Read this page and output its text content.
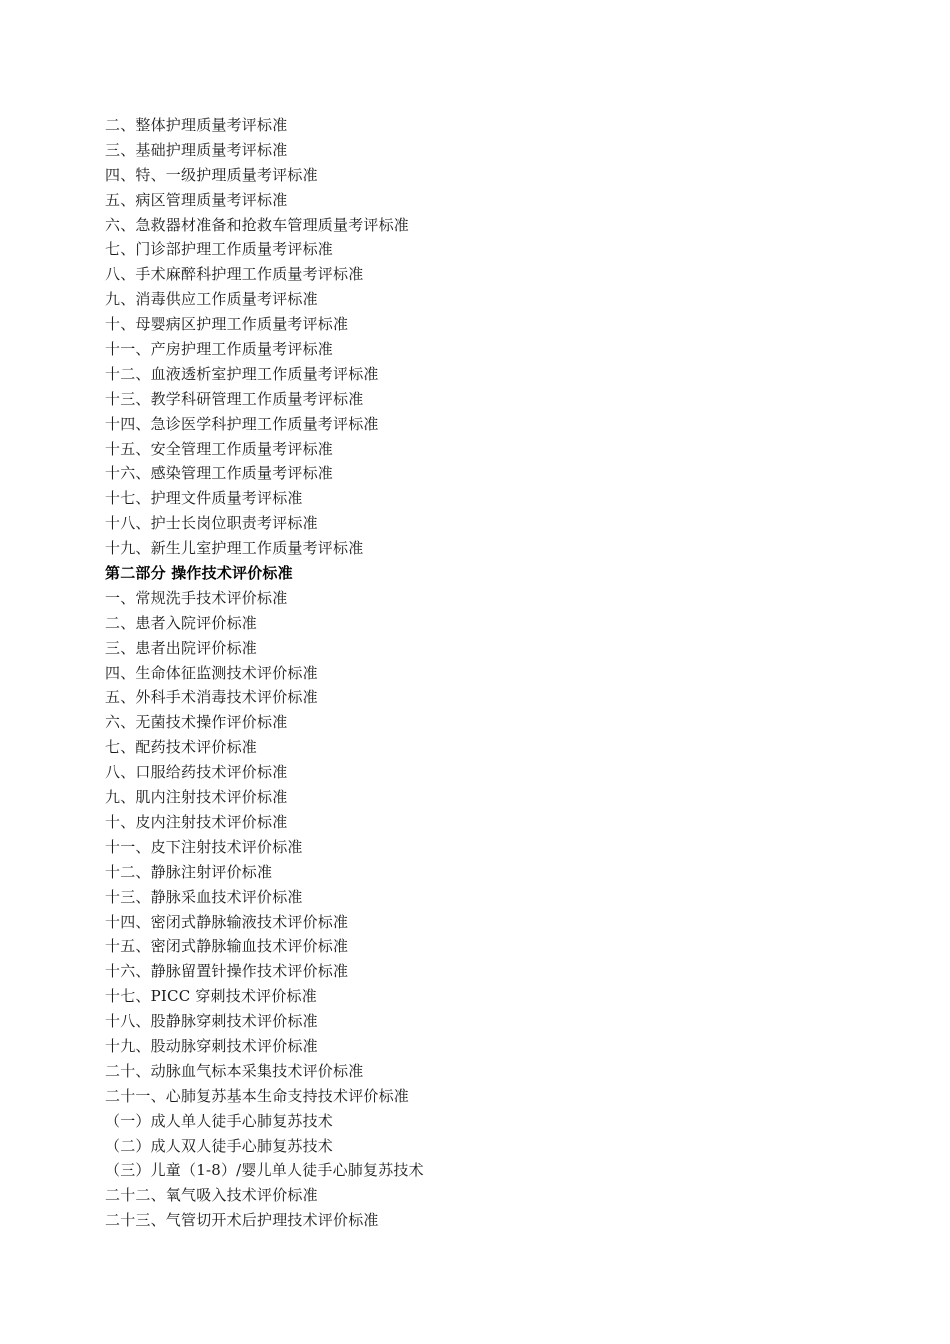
二、整体护理质量考评标准
三、基础护理质量考评标准
四、特、一级护理质量考评标准
五、病区管理质量考评标准
六、急救器材准备和抢救车管理质量考评标准
七、门诊部护理工作质量考评标准
八、手术麻醉科护理工作质量考评标准
九、消毒供应工作质量考评标准
十、母婴病区护理工作质量考评标准
十一、产房护理工作质量考评标准
十二、血液透析室护理工作质量考评标准
十三、教学科研管理工作质量考评标准
十四、急诊医学科护理工作质量考评标准
十五、安全管理工作质量考评标准
十六、感染管理工作质量考评标准
十七、护理文件质量考评标准
十八、护士长岗位职责考评标准
十九、新生儿室护理工作质量考评标准
第二部分 操作技术评价标准
一、常规洗手技术评价标准
二、患者入院评价标准
三、患者出院评价标准
四、生命体征监测技术评价标准
五、外科手术消毒技术评价标准
六、无菌技术操作评价标准
七、配药技术评价标准
八、口服给药技术评价标准
九、肌内注射技术评价标准
十、皮内注射技术评价标准
十一、皮下注射技术评价标准
十二、静脉注射评价标准
十三、静脉采血技术评价标准
十四、密闭式静脉输液技术评价标准
十五、密闭式静脉输血技术评价标准
十六、静脉留置针操作技术评价标准
十七、PICC 穿刺技术评价标准
十八、股静脉穿刺技术评价标准
十九、股动脉穿刺技术评价标准
二十、动脉血气标本采集技术评价标准
二十一、心肺复苏基本生命支持技术评价标准
（一）成人单人徒手心肺复苏技术
（二）成人双人徒手心肺复苏技术
（三）儿童（1-8）/婴儿单人徒手心肺复苏技术
二十二、氧气吸入技术评价标准
二十三、气管切开术后护理技术评价标准
